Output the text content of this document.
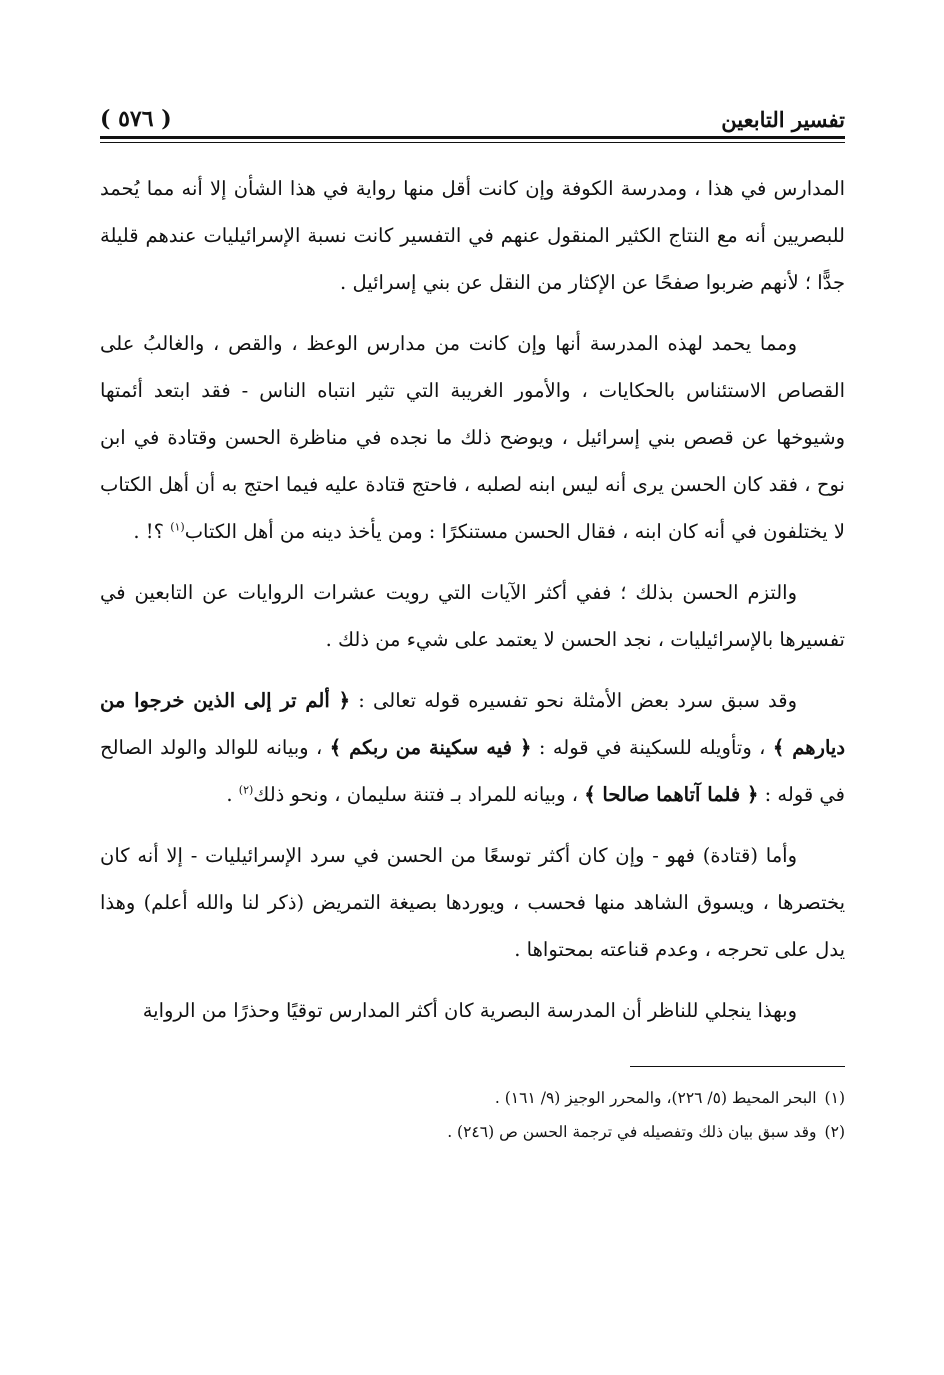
تفسير التابعين
( ٥٧٦ )

المدارس في هذا ، ومدرسة الكوفة وإن كانت أقل منها رواية في هذا الشأن إلا أنه مما يُحمد للبصريين أنه مع النتاج الكثير المنقول عنهم في التفسير كانت نسبة الإسرائيليات عندهم قليلة جدًّا ؛ لأنهم ضربوا صفحًا عن الإكثار من النقل عن بني إسرائيل .

ومما يحمد لهذه المدرسة أنها وإن كانت من مدارس الوعظ ، والقص ، والغالبُ على القصاص الاستئناس بالحكايات ، والأمور الغريبة التي تثير انتباه الناس - فقد ابتعد أئمتها وشيوخها عن قصص بني إسرائيل ، ويوضح ذلك ما نجده في مناظرة الحسن وقتادة في ابن نوح ، فقد كان الحسن يرى أنه ليس ابنه لصلبه ، فاحتج قتادة عليه فيما احتج به أن أهل الكتاب لا يختلفون في أنه كان ابنه ، فقال الحسن مستنكرًا : ومن يأخذ دينه من أهل الكتاب$^{(١)}$ ؟! .

والتزم الحسن بذلك ؛ ففي أكثر الآيات التي رويت عشرات الروايات عن التابعين في تفسيرها بالإسرائيليات ، نجد الحسن لا يعتمد على شيء من ذلك .

وقد سبق سرد بعض الأمثلة نحو تفسيره قوله تعالى : ﴿ ألم تر إلى الذين خرجوا من ديارهم ﴾ ، وتأويله للسكينة في قوله : ﴿ فيه سكينة من ربكم ﴾ ، وبيانه للوالد والولد الصالح في قوله : ﴿ فلما آتاهما صالحا ﴾ ، وبيانه للمراد بـ فتنة سليمان ، ونحو ذلك$^{(٢)}$ .

وأما (قتادة) فهو - وإن كان أكثر توسعًا من الحسن في سرد الإسرائيليات - إلا أنه كان يختصرها ، ويسوق الشاهد منها فحسب ، ويوردها بصيغة التمريض (ذكر لنا والله أعلم) وهذا يدل على تحرجه ، وعدم قناعته بمحتواها .

وبهذا ينجلي للناظر أن المدرسة البصرية كان أكثر المدارس توقيًا وحذرًا من الرواية

(١)
البحر المحيط (٥/ ٢٢٦)، والمحرر الوجيز (٩/ ١٦١) .
(٢)
وقد سبق بيان ذلك وتفصيله في ترجمة الحسن ص (٢٤٦) .
